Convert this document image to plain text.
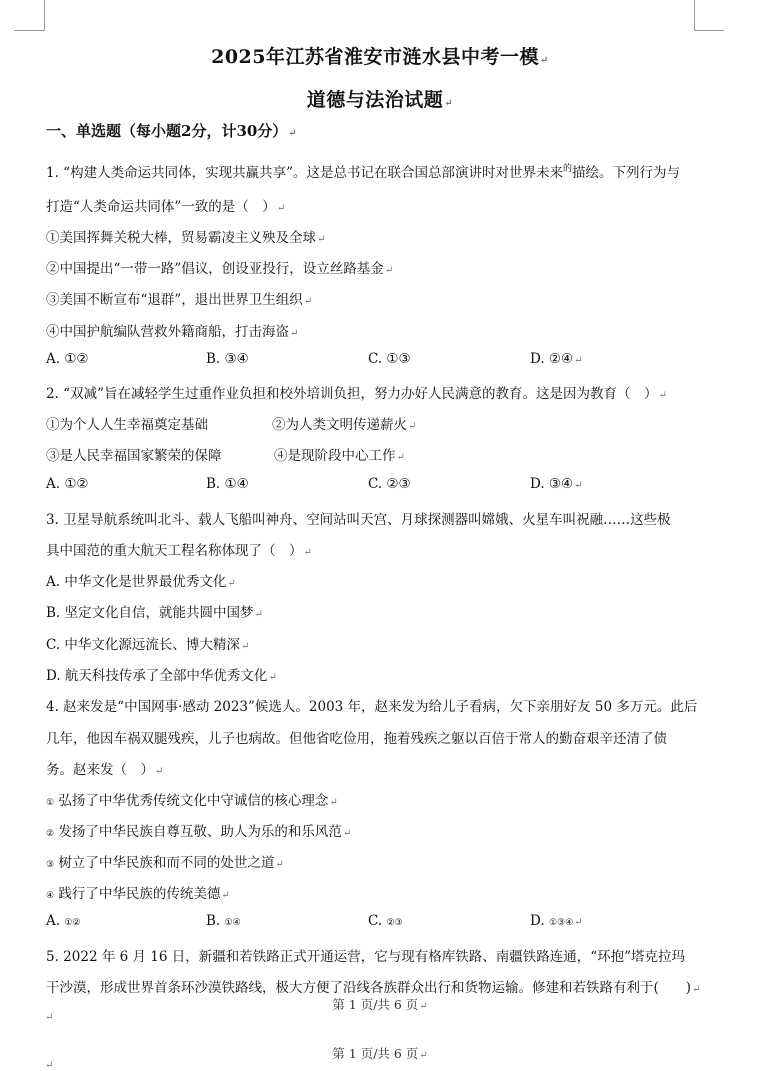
2025年江苏省淮安市涟水县中考一模↵
道德与法治试题↵
一、单选题（每小题2分，计30分）↵
1. “构建人类命运共同体，实现共赢共享”。这是总书记在联合国总部演讲时对世界未来$^的$描绘。下列行为与
打造“人类命运共同体”一致的是（　）↵
①美国挥舞关税大棒，贸易霸凌主义殃及全球↵
②中国提出“一带一路”倡议，创设亚投行，设立丝路基金↵
③美国不断宣布“退群”，退出世界卫生组织↵
④中国护航编队营救外籍商船，打击海盗↵
A. ①②	B. ③④	C. ①③	D. ②④↵
2. “双减”旨在减轻学生过重作业负担和校外培训负担，努力办好人民满意的教育。这是因为教育（　）↵
①为个人人生幸福奠定基础	②为人类文明传递薪火↵
③是人民幸福国家繁荣的保障	④是现阶段中心工作↵
A. ①②	B. ①④	C. ②③	D. ③④↵
3. 卫星导航系统叫北斗、载人飞船叫神舟、空间站叫天宫、月球探测器叫嫦娥、火星车叫祝融……这些极
具中国范的重大航天工程名称体现了（　）↵
A. 中华文化是世界最优秀文化↵
B. 坚定文化自信，就能共圆中国梦↵
C. 中华文化源远流长、博大精深↵
D. 航天科技传承了全部中华优秀文化↵
4. 赵来发是“中国网事·感动 2023”候选人。2003 年，赵来发为给儿子看病，欠下亲朋好友 50 多万元。此后
几年，他因车祸双腿残疾，儿子也病故。但他省吃俭用，拖着残疾之躯以百倍于常人的勤奋艰辛还清了债
务。赵来发（　）↵
① 弘扬了中华优秀传统文化中守诚信的核心理念↵
② 发扬了中华民族自尊互敬、助人为乐的和乐风范↵
③ 树立了中华民族和而不同的处世之道↵
④ 践行了中华民族的传统美德↵
A. ①②	B. ①④	C. ②③	D. ①③④↵
5. 2022 年 6 月 16 日，新疆和若铁路正式开通运营，它与现有格库铁路、南疆铁路连通，“环抱”塔克拉玛
干沙漠，形成世界首条环沙漠铁路线，极大方便了沿线各族群众出行和货物运输。修建和若铁路有利于(　　)↵
第 1 页/共 6 页↵
↵
第 1 页/共 6 页↵
↵
